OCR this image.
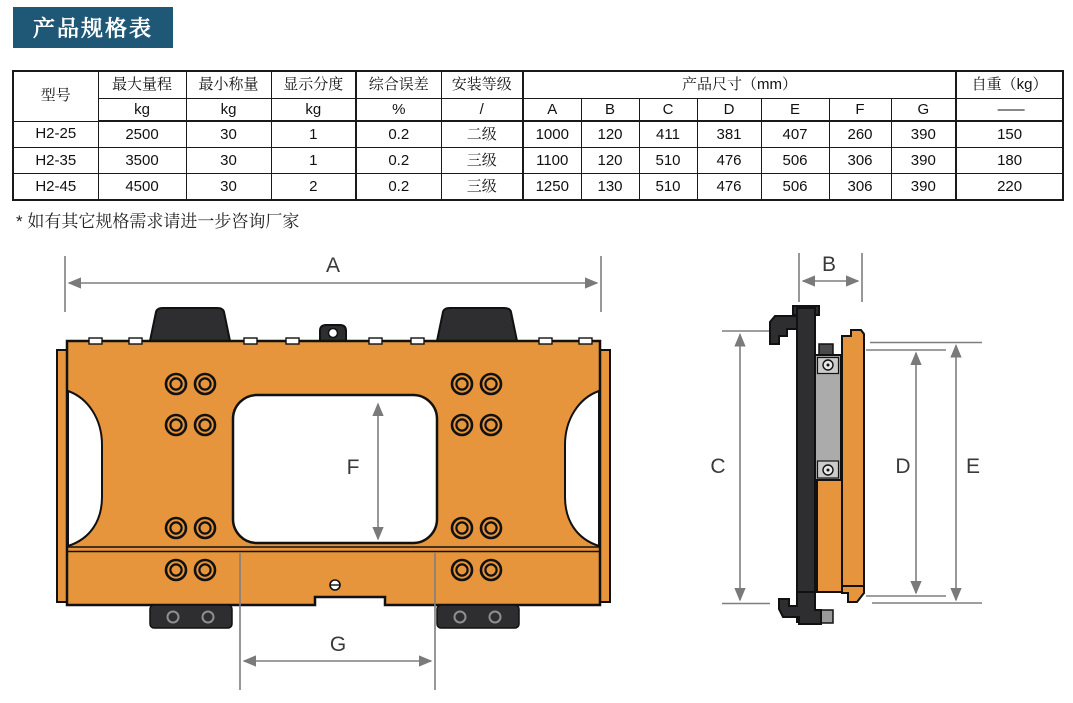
产品规格表
型号	最大量程	最小称量	显示分度	综合误差	安装等级	产品尺寸（mm）							自重（kg）
	kg	kg	kg	%	/	A	B	C	D	E	F	G	——
H2-25	2500	30	1	0.2	二级	1000	120	411	381	407	260	390	150
H2-35	3500	30	1	0.2	三级	1100	120	510	476	506	306	390	180
H2-45	4500	30	2	0.2	三级	1250	130	510	476	506	306	390	220
* 如有其它规格需求请进一步咨询厂家
A
F
G
B
C	D	E
